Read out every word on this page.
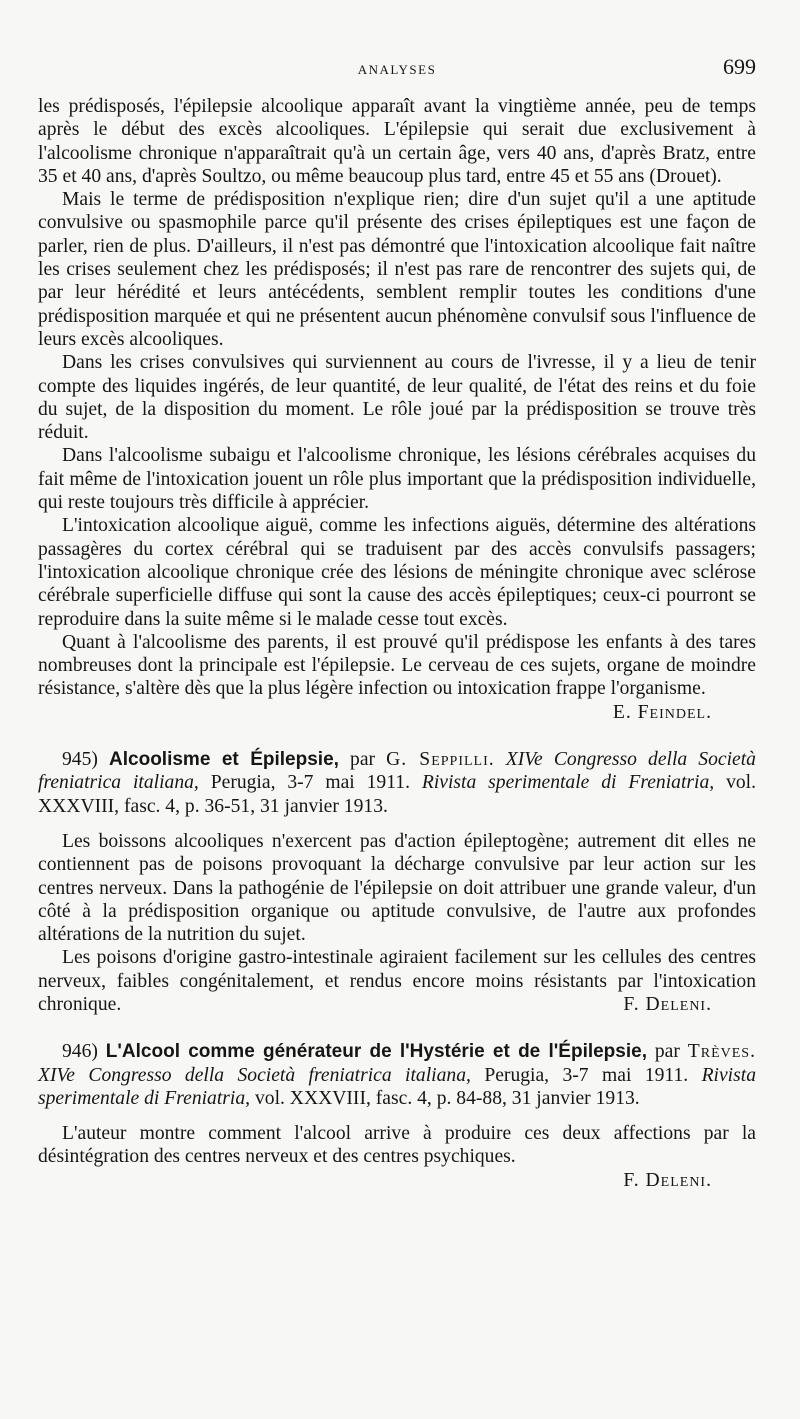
ANALYSES	699

les prédisposés, l'épilepsie alcoolique apparaît avant la vingtième année, peu de temps après le début des excès alcooliques. L'épilepsie qui serait due exclusivement à l'alcoolisme chronique n'apparaîtrait qu'à un certain âge, vers 40 ans, d'après Bratz, entre 35 et 40 ans, d'après Soultzo, ou même beaucoup plus tard, entre 45 et 55 ans (Drouet).

Mais le terme de prédisposition n'explique rien; dire d'un sujet qu'il a une aptitude convulsive ou spasmophile parce qu'il présente des crises épileptiques est une façon de parler, rien de plus. D'ailleurs, il n'est pas démontré que l'intoxication alcoolique fait naître les crises seulement chez les prédisposés; il n'est pas rare de rencontrer des sujets qui, de par leur hérédité et leurs antécédents, semblent remplir toutes les conditions d'une prédisposition marquée et qui ne présentent aucun phénomène convulsif sous l'influence de leurs excès alcooliques.

Dans les crises convulsives qui surviennent au cours de l'ivresse, il y a lieu de tenir compte des liquides ingérés, de leur quantité, de leur qualité, de l'état des reins et du foie du sujet, de la disposition du moment. Le rôle joué par la prédisposition se trouve très réduit.

Dans l'alcoolisme subaigu et l'alcoolisme chronique, les lésions cérébrales acquises du fait même de l'intoxication jouent un rôle plus important que la prédisposition individuelle, qui reste toujours très difficile à apprécier.

L'intoxication alcoolique aiguë, comme les infections aiguës, détermine des altérations passagères du cortex cérébral qui se traduisent par des accès convulsifs passagers; l'intoxication alcoolique chronique crée des lésions de méningite chronique avec sclérose cérébrale superficielle diffuse qui sont la cause des accès épileptiques; ceux-ci pourront se reproduire dans la suite même si le malade cesse tout excès.

Quant à l'alcoolisme des parents, il est prouvé qu'il prédispose les enfants à des tares nombreuses dont la principale est l'épilepsie. Le cerveau de ces sujets, organe de moindre résistance, s'altère dès que la plus légère infection ou intoxication frappe l'organisme.
E. Feindel.

945) Alcoolisme et Épilepsie, par G. Seppilli. XIVe Congresso della Società freniatrica italiana, Perugia, 3-7 mai 1911. Rivista sperimentale di Freniatria, vol. XXXVIII, fasc. 4, p. 36-51, 31 janvier 1913.

Les boissons alcooliques n'exercent pas d'action épileptogène; autrement dit elles ne contiennent pas de poisons provoquant la décharge convulsive par leur action sur les centres nerveux. Dans la pathogénie de l'épilepsie on doit attribuer une grande valeur, d'un côté à la prédisposition organique ou aptitude convulsive, de l'autre aux profondes altérations de la nutrition du sujet.

Les poisons d'origine gastro-intestinale agiraient facilement sur les cellules des centres nerveux, faibles congénitalement, et rendus encore moins résistants par l'intoxication chronique.	F. Deleni.

946) L'Alcool comme générateur de l'Hystérie et de l'Épilepsie, par Trèves. XIVe Congresso della Società freniatrica italiana, Perugia, 3-7 mai 1911. Rivista sperimentale di Freniatria, vol. XXXVIII, fasc. 4, p. 84-88, 31 janvier 1913.

L'auteur montre comment l'alcool arrive à produire ces deux affections par la désintégration des centres nerveux et des centres psychiques.

F. Deleni.
